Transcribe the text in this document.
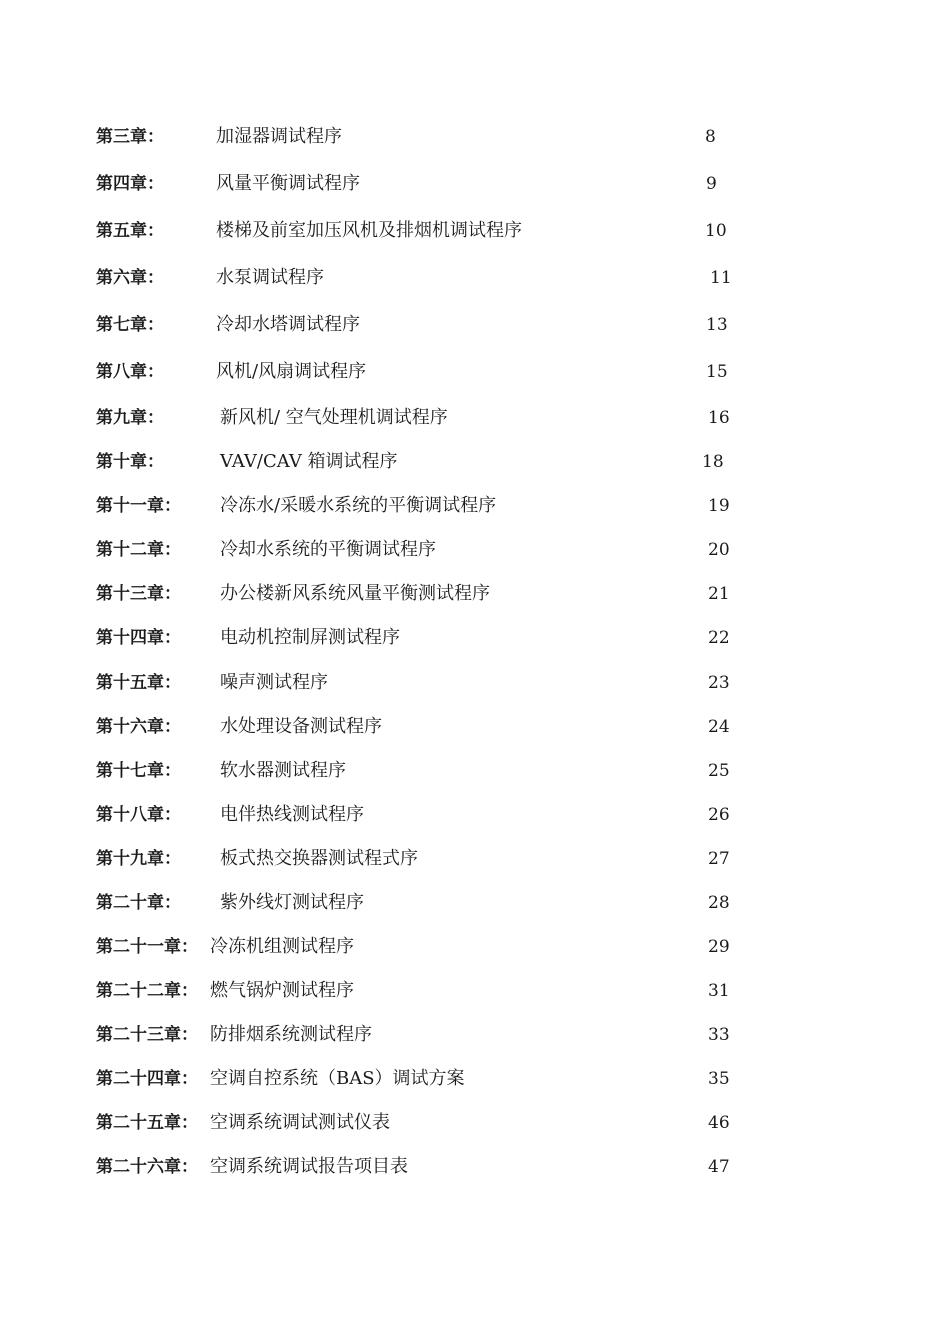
第三章：	加湿器调试程序	8
第四章：	风量平衡调试程序	9
第五章：	楼梯及前室加压风机及排烟机调试程序	10
第六章：	水泵调试程序	11
第七章：	冷却水塔调试程序	13
第八章：	风机/风扇调试程序	15
第九章：	新风机/ 空气处理机调试程序	16
第十章：	VAV/CAV 箱调试程序	18
第十一章： 冷冻水/采暖水系统的平衡调试程序	19
第十二章： 冷却水系统的平衡调试程序	20
第十三章： 办公楼新风系统风量平衡测试程序	21
第十四章： 电动机控制屏测试程序	22
第十五章： 噪声测试程序	23
第十六章： 水处理设备测试程序	24
第十七章： 软水器测试程序	25
第十八章： 电伴热线测试程序	26
第十九章： 板式热交换器测试程式序	27
第二十章： 紫外线灯测试程序	28
第二十一章： 冷冻机组测试程序	29
第二十二章： 燃气锅炉测试程序	31
第二十三章： 防排烟系统测试程序	33
第二十四章： 空调自控系统（BAS）调试方案	35
第二十五章： 空调系统调试测试仪表	46
第二十六章： 空调系统调试报告项目表	47
